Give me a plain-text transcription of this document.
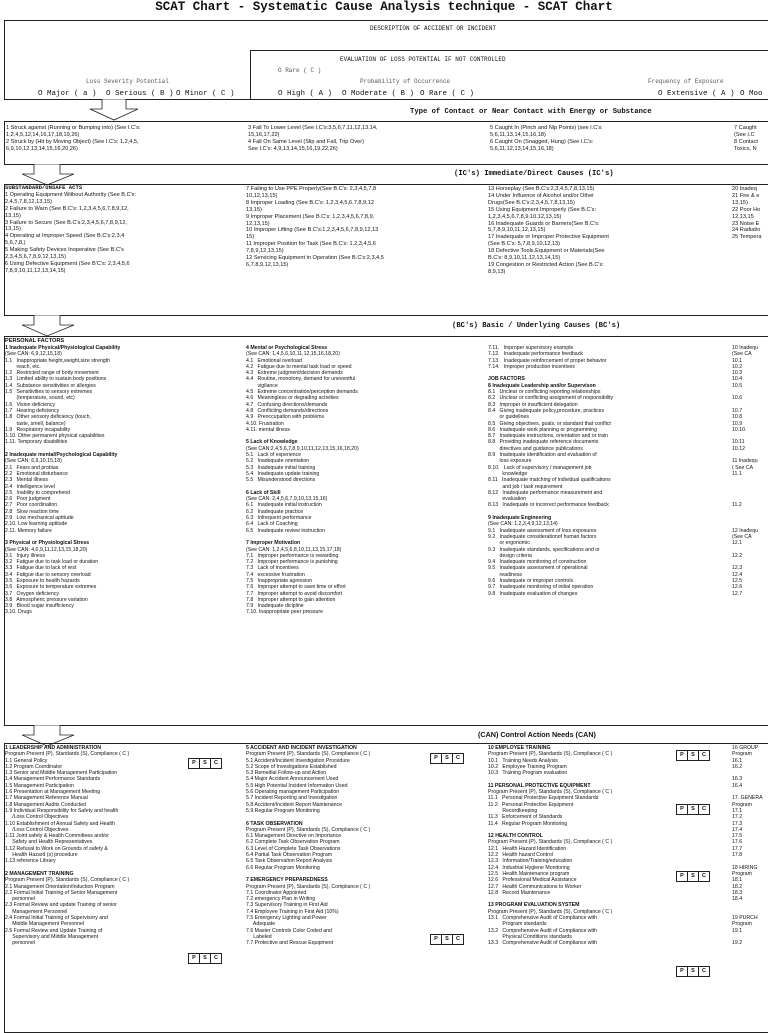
SCAT Chart - Systematic Cause Analysis technique - SCAT Chart
DESCRIPTION OF ACCIDENT OR INCIDENT
EVALUATION OF LOSS POTENTIAL IF NOT CONTROLLED
O Rare ( C )
Loss Severity Potential	Probability of Occurrence	Frequency of Exposure
O Major ( a ) O Serious ( B ) O Minor ( C )	O High ( A ) O Moderate ( B ) O Rare ( C )	O Extensive ( A ) O Moo
Type of Contact or Near Contact with Energy or Substance
1 Struck against (Running or Bumping into) (See I.C's:
1,2,4,5,12,14,16,17,18,19,26)
2 Struck by (Hit by Moving Object) (See I.C's: 1,2,4,5,
6,9,10,12,13,14,15,16,20,26)
3 Fall To Lower Level (See I.C's:3,5,6,7,11,12,13,14,
15,16,17,22)
4 Fall On Same Level (Slip and Fall, Trip Over)
See I.C's: 4,9,13,14,15,16,19,22,26)
5 Caught In (Pinch and Nip Points) (see I.C's:
5,6,11,13,14,15,16,18)
6 Caught On (Snagged, Hung) (See I.C's:
5,6,11,12,13,14,15,16,18)
7 Caught
(See I.C
8 Contact
Toxics, N
(IC's) Immediate/Direct Causes (IC's)
SUBSTANDARD/UNSAFE ACTS
1 Operating Equipment Without Authority (See B.C's:
2,4,5,7,8,12,13,15)
2 Failure to Warn (See B.C's: 1,2,3,4,5,6,7,8,9,12,
13,15)
3 Failure to Secure (See B.C's:2,3,4,5,6,7,8,9,12,
13,15)
4 Operating at Improper Speed (See B.C's:2,3,4
5,6,7,8,)
5 Making Safety Devices Inoperative (See B.C's
2,3,4,5,6,7,8,9,12,13,15)
6 Using Defective Equipment (See B'C's: 2,3,4,5,6
7,8,9,10,11,12,13,14,15)
7 Failing to Use PPE Properly(See B.C's: 2,3,4,5,7,8
10,12,13,15)
8 Improper Loading (See B.C's: 1,2,3,4,5,6,7,8,9,12
13,15)
9 Improper Placement (See B.C's: 1,2,3,4,5,6,7,8,9,
12,13,15)
10 Improper Lifting (See B.C's:1,2,3,4,5,6,7,8,9,12,13
15)
11 Improper Position for Task (See B.C's: 1,2,3,4,5,6
7,8,9,12,13,15)
12 Servicing Equipment in Operation (See B.C's:2,3,4,5
6,7,8,9,12,13,15)
13 Horseplay (See B.C's:2,3,4,5,7,8,13,15)
14 Under Influence of Alcohol and/or Other
Drugs(See B.C's:2,3,4,5,7,8,13,15)
15 Using Equipment Improperly (See B.C's:
1,2,3,4,5,6,7,8,9,10,12,13,15)
16 Inadequate Guards or Barriers(See B.C's:
5,7,8,9,10,11,12,13,15)
17 Inadequate or Improper Protective Equipment
(See B.C's: 5,7,8,9,10,12,13)
18 Defective Tools,Equipment or Materials(See
B.C's: 8,9,10,11,12,13,14,15)
19 Congestion or Restricted Action (See B.C's:
8,9,13)
20 Inadeq
21 Fire & e
13,15)
22 Poor Ho
12,13,15
23 Noise E
24 Radiatio
25 Tempera
(BC's) Basic / Underlying Causes (BC's)
PERSONAL FACTORS
1 Inadequate Physical/Physiological Capability
(See CAN: 6,9,12,15,18)
1.1   Inappropriate height,weight,size strength
reach, etc.
1.2   Restricted range of body movement
1.3   Limited ability to sustain body positions
1.4   Substance sensitivities or allergies
1.5   Sensitivities to sensory extremes
(temperature, sound, etc)
1.6   Vision deficiency
1.7   Hearing deficiency
1.8   Other sensory deficiency (touch,
taste, smell, balance)
1.9   Respiratory incapability
1.10. Other permanent physical capabilities
1.11. Temporary disabilities

2 Inadequate mental/Psychological Capability
(See CAN: 6,9,10,15,18)
2.1   Fears and probias
2.2   Emotional disturbance
2.3   Mental illness
2.4   Intelligence level
2.5   Inability to comprehend
2.6   Poor judgment
2.7   Poor coordination
2.8   Slow reaction time
2.9   Low mechanical aptitude
2.10. Low learning aptitude
2.11. Memory failure

3 Physical or Physiological Stress
(See CAN: 4,6,9,11,12,13,15,18,20)
3.1   Injury illness
3.2   Fatigue due to task load or duration
3.3   Fatigue due to lack of rest
3.4   Fatigue due to sensory overload
3.5   Exposure to health hazards
3.6   Exposure to temperature extremes
3.7   Oxygen deficiency
3.8   Atmospheric pressure variation
3.9   Blood sugar insufficiency
3.10. Drugs
4 Mental or Psychological Stress
(See CAN: 1,4,5,6,10,11,12,15,16,18,20)
4.1   Emotional overload
4.2   Fatigue due to mental task load or speed
4.3   Extreme judgment/decision demands
4.4   Routine, monotony, demand for uneventful
vigilance
4.5   Extreme concentration/perception demands
4.6   Meaningless or degrading activities
4.7   Confusing directions/demands
4.8   Conflicting demands/directions
4.9   Preoccupation with problems
4.10. Frustration
4.11. mental illness

5 Lack of Knowledge
(See CAN:2,4,5,6,7,8,9,10,11,12,13,15,16,18,20)
5.1   Lack of experience
5.2   Inadequate orientation
5.3   Inadequate initial training
5.4   Inadequate update training
5.5   Misunderstood directions

6 Lack of Skill
(See CAN: 2,4,5,6,7,9,10,13,15,16)
6.1   Inadequate initial instruction
6.2   Inadequate practice
6.3   Infrequent performance
6.4   Lack of Coaching
6.5   Inadequate review instruction

7 Improper Motivation
(See CAN: 1,2,4,5,6,8,10,11,13,15,17,18)
7.1   Improper performance is rewarding
7.2   Improper performance is punishing
7.3   Lack of incentives
7.4   excessive frustration
7.5   Inappropriate agression
7.6   Improper attempt to save time or effort
7.7   Improper attempt to avoid discomfort
7.8   Improper attempt to gain attention
7.9   Inadequate dicipline
7.10. Inappropriate peer pressure
7.11.   Improper supervisory example
7.12.   Inadequate performance feedback
7.13.   Inadequate reinforcement of proper behavior
7.14.   Improper production incentives

JOB FACTORS
8 Inadequate Leadership and/or Supervison
8.1   Unclear or conflicting reporting relationships
8.2   Unclear or conflicting assignment of responsibility
8.3   Improper or insufficient delegation
8.4   Giving inadequate policy,procedure, practices
or guidelines
8.5   Giving objectives, goals, or standard that conflict
8.6   Inadequate work planning or programming
8.7   Inadequate instructions, orientation and or train
8.8   Providing inadequate reference documents
directives and guidance publications
8.9   Inadequate identification and evaluation of
loss exposure
8.10.   Lack of supervisory / management job
knowledge
8.11   Inadequate matching of individual qualifications
and job / task requirement
8.12   Inadequate performance measurement and
evaluation
8.13   Inadequate or incorrect performance feedback

9 Inadequate Engineering
(See CAN: 1,2,3,4,9,12,13,14)
9.1   Inadequate assessment of loss exposures
9.2   Inadequate considerationof human factors
or ergonomic
9.3   Inadequate standards, specifications and or
design criteria
9.4   Inadequate monitoring of construction
9.5   Inadequate assessment of operational
readiness
9.6   Inadequate or improper controls
9.7   Inadequate monitoring of initial operation
9.8   Inadequate evaluation of changes
10 Inadequ
(See CA
10.1
10.2
10.3
10.4
10.5

10.6

10.7
10.8
10.9
10.10.

10.11
10.12

11 Inadequ
( See CA
11.1

11.2

12 Inadequ
(See CA
12.1

12.2

12.3
12.4
12.5
12.6
12.7
(CAN) Control Action Needs (CAN)
1 LEADERSHIP AND ADMINISTRATION
Program Present (P), Standards (S), Compliance ( C )
1.1 General Policy
1.2 Program Coordinator
1.3 Senior and Middle Management Participation
1.4 Management Performance Standards
1.5 Management Participation
1.6 Presentation at Management Meeting
1.7 Management Reference Manual
1.8 Management Audits Conducted
1.9 Individual Responsibility for Safety and health
/Loss Control Objectives
1.10 Establishment of Annual Safety and Health
/Loss Control Objectives
1.11 Joint safety & Health Committees and/or
Safety and Health Representatives
1.12 Refusal to Work on Grounds of safety &
Health Hazard (s) procedure
1.13 reference Library

2 MANAGEMENT TRAINING
Program Present (P), Standards (S), Compliance ( C )
2.1 Management Orientation/Induction Program
2.2 Formal Initial Training of Senior Management
personnel
2.3 Formal Review and update Training of senior
Management Personnel
2.4 Formal Initial Training of Supervisory and
Middle Management Personnel
2.5 Formal Review and Update Training of
Supervisory and Middle Management
personnel
5 ACCIDENT AND INCIDENT INVESTIGATION
Program Present (P), Standards (S), Compliance ( C )
5.1 Accident/Incident Investigation Procedure
5.2 Scope of Investigations Established
5.3 Remedial Follow-up and Action
5.4 Major Accident Announcement Used
5.5 High Potential Incident Information Used
5.6 Operating management Participation
5.7 Incident Reporting and Investigation
5.8 Accident/Incident Report Maintenance
5.9 Regular Program Monitoring

6 TASK OBSERVATION
Program Present (P), Standards (S), Compliance ( C )
6.1 Management Directive on Importance
6.2 Complete Task Observation Program
6.3 Level of Complete Task Observations
6.4 Partial Task Observation Program
6.5 Task Observation Report Analysis
6.6 Regular Program Monitoring

7 EMERGENCY PREPAREDNESS
Program Present (P), Standards (S), Compliance ( C )
7.1 Coordinator Appointed
7.2 emergency Plan in Writing
7.3 Supervisory Training in First Aid
7.4 Employee Training in First Aid (10%)
7.5 Emergency Lighting and Power
Adequate
7.6 Master Controls Color Coded and
Labeled
7.7 Protective and Rescue Equipment
10 EMPLOYEE TRAINING
Program Present (P), Standards (S), Compliance ( C )
10.1   Training Needs Analysis
10.2   Employee Training Program
10.3   Training Program evaluation

11 PERSONAL PROTECTIVE EQUIPMENT
Program Present (P), Standards (S), Compliance ( C )
11.1   Personal Protective Equipment Standards
11.2   Personal Protective Equipment
Recordkeeping
11.3   Enforcement of Standards
11.4   Regular Program Monitoring

12 HEALTH CONTROL
Program Present (P), Standards (S), Compliance ( C )
12.1   Health Hazard Identification
12.2   Health hazard Control
12.3   Information/Training/education
12.4   Industrial Hygiene Monitoring
12.5   Health Maintenance program
12.6   Professional Medical Assistance
12.7   Health Communications to Worker
12.8   Record Maintenance

13 PROGRAM EVALUATION SYSTEM
Program Present (P), Standards (S), Compliance ( C )
13.1   Comprehensive Audit of Compliance with
Program standards
13.2   Comprehensive Audit of Compliance with
Physical Conditions standards
13.3   Comprehensive Audit of Compliance with
16 GROUP
Program
16.1
16.2

16.3
16.4

17. GENERA
Program
17.1
17.2
17.3
17.4
17.5
17.6
17.7
17.8

18 HIRING
Program
18.1
18.2
18.3
18.4

19 PURCH
Program
19.1

19.2
P	S	C
P	S	C
P	S	C
P	S	C
P	S	C
P	S	C
P	S	C
P	S	C
